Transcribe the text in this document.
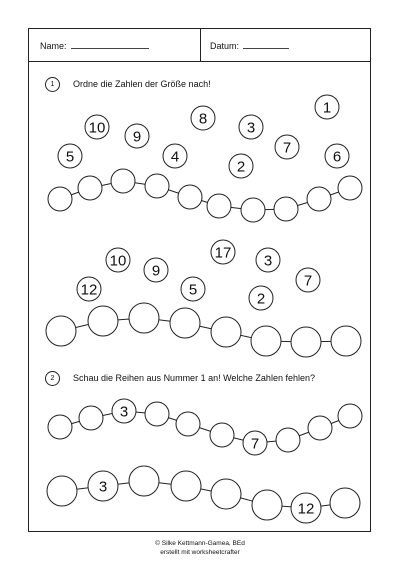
Name:	Datum:
1	Ordne die Zahlen der Größe nach!
2	Schau die Reihen aus Nummer 1 an! Welche Zahlen fehlen?
10
9
8
3
1
5	4
2
7
6
10
9
17 3
12	5
2
7
3
7
3
12
© Silke Kettmann-Gamea, BEd
erstellt mit worksheetcrafter
